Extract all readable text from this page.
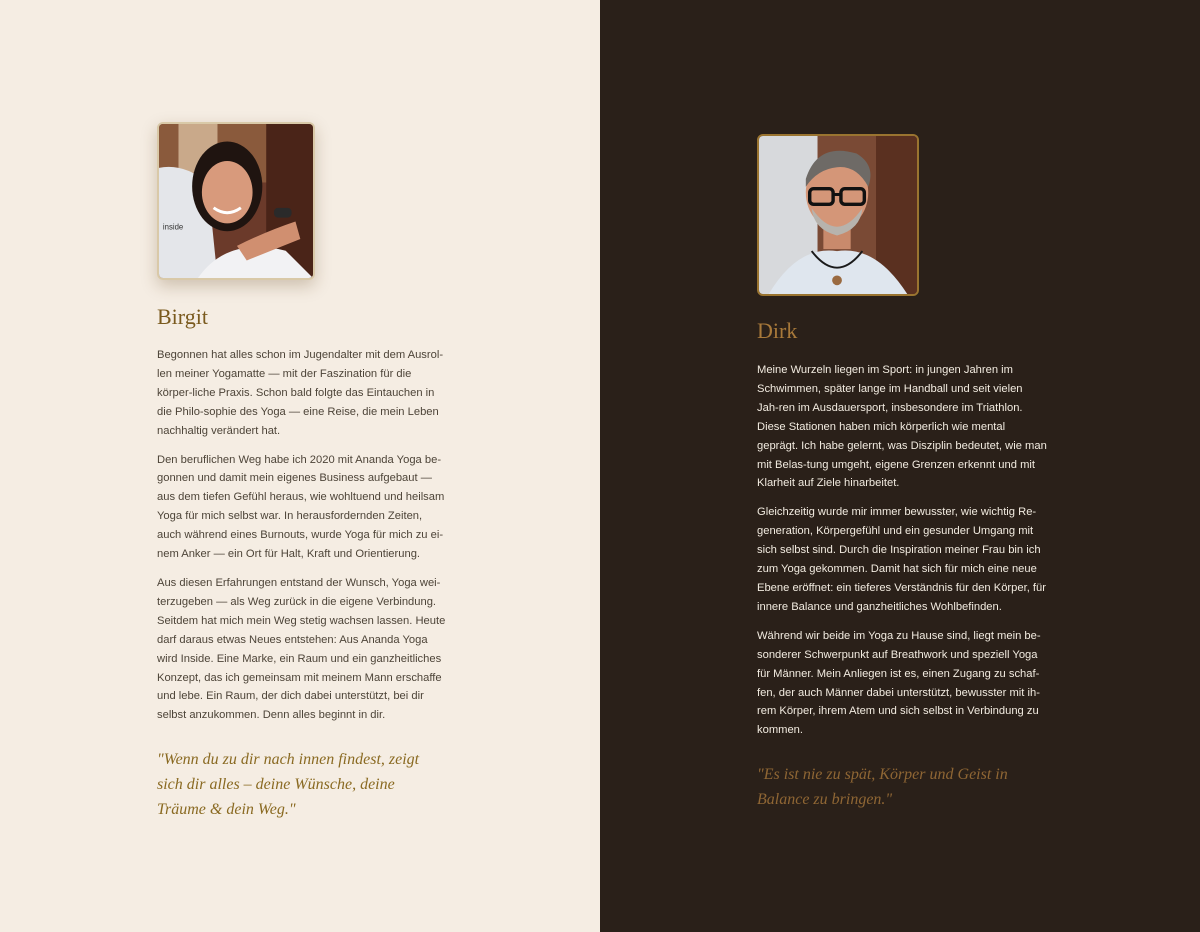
inside
Birgit

Begonnen hat alles schon im Jugendalter mit dem Ausrol-len meiner Yogamatte — mit der Faszination für die körper-liche Praxis. Schon bald folgte das Eintauchen in die Philo-sophie des Yoga — eine Reise, die mein Leben nachhaltig verändert hat.

Den beruflichen Weg habe ich 2020 mit Ananda Yoga be-gonnen und damit mein eigenes Business aufgebaut — aus dem tiefen Gefühl heraus, wie wohltuend und heilsam Yoga für mich selbst war. In herausfordernden Zeiten, auch während eines Burnouts, wurde Yoga für mich zu ei-nem Anker — ein Ort für Halt, Kraft und Orientierung.

Aus diesen Erfahrungen entstand der Wunsch, Yoga wei-terzugeben — als Weg zurück in die eigene Verbindung. Seitdem hat mich mein Weg stetig wachsen lassen. Heute darf daraus etwas Neues entstehen: Aus Ananda Yoga wird Inside. Eine Marke, ein Raum und ein ganzheitliches Konzept, das ich gemeinsam mit meinem Mann erschaffe und lebe. Ein Raum, der dich dabei unterstützt, bei dir selbst anzukommen. Denn alles beginnt in dir.

"Wenn du zu dir nach innen findest, zeigt sich dir alles – deine Wünsche, deine Träume & dein Weg."

Dirk

Meine Wurzeln liegen im Sport: in jungen Jahren im Schwimmen, später lange im Handball und seit vielen Jah-ren im Ausdauersport, insbesondere im Triathlon. Diese Stationen haben mich körperlich wie mental geprägt. Ich habe gelernt, was Disziplin bedeutet, wie man mit Belas-tung umgeht, eigene Grenzen erkennt und mit Klarheit auf Ziele hinarbeitet.

Gleichzeitig wurde mir immer bewusster, wie wichtig Re-generation, Körpergefühl und ein gesunder Umgang mit sich selbst sind. Durch die Inspiration meiner Frau bin ich zum Yoga gekommen. Damit hat sich für mich eine neue Ebene eröffnet: ein tieferes Verständnis für den Körper, für innere Balance und ganzheitliches Wohlbefinden.

Während wir beide im Yoga zu Hause sind, liegt mein be-sonderer Schwerpunkt auf Breathwork und speziell Yoga für Männer. Mein Anliegen ist es, einen Zugang zu schaf-fen, der auch Männer dabei unterstützt, bewusster mit ih-rem Körper, ihrem Atem und sich selbst in Verbindung zu kommen.

"Es ist nie zu spät, Körper und Geist in Balance zu bringen."
